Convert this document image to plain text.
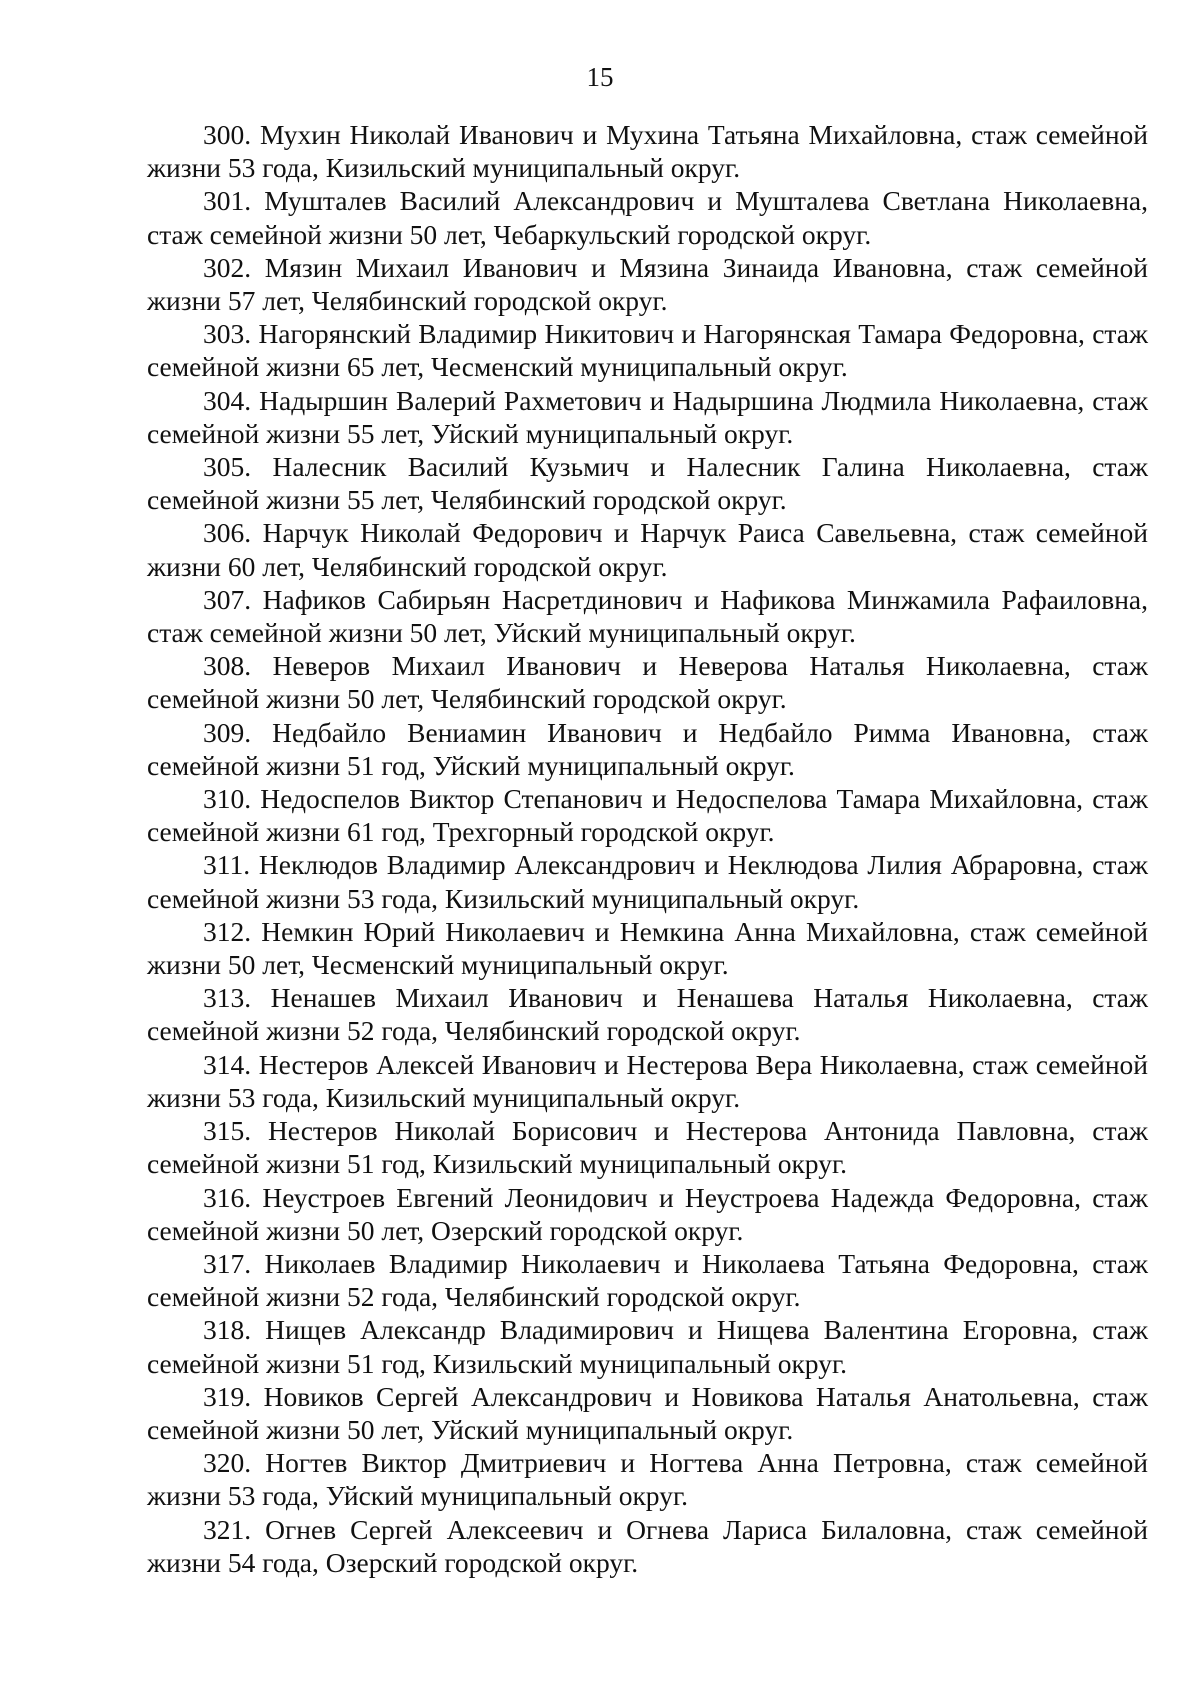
15

300. Мухин Николай Иванович и Мухина Татьяна Михайловна, стаж семейной жизни 53 года, Кизильский муниципальный округ.

301. Мушталев Василий Александрович и Мушталева Светлана Николаевна, стаж семейной жизни 50 лет, Чебаркульский городской округ.

302. Мязин Михаил Иванович и Мязина Зинаида Ивановна, стаж семейной жизни 57 лет, Челябинский городской округ.

303. Нагорянский Владимир Никитович и Нагорянская Тамара Федоровна, стаж семейной жизни 65 лет, Чесменский муниципальный округ.

304. Надыршин Валерий Рахметович и Надыршина Людмила Николаевна, стаж семейной жизни 55 лет, Уйский муниципальный округ.

305. Налесник Василий Кузьмич и Налесник Галина Николаевна, стаж семейной жизни 55 лет, Челябинский городской округ.

306. Нарчук Николай Федорович и Нарчук Раиса Савельевна, стаж семейной жизни 60 лет, Челябинский городской округ.

307. Нафиков Сабирьян Насретдинович и Нафикова Минжамила Рафаиловна, стаж семейной жизни 50 лет, Уйский муниципальный округ.

308. Неверов Михаил Иванович и Неверова Наталья Николаевна, стаж семейной жизни 50 лет, Челябинский городской округ.

309. Недбайло Вениамин Иванович и Недбайло Римма Ивановна, стаж семейной жизни 51 год, Уйский муниципальный округ.

310. Недоспелов Виктор Степанович и Недоспелова Тамара Михайловна, стаж семейной жизни 61 год, Трехгорный городской округ.

311. Неклюдов Владимир Александрович и Неклюдова Лилия Абраровна, стаж семейной жизни 53 года, Кизильский муниципальный округ.

312. Немкин Юрий Николаевич и Немкина Анна Михайловна, стаж семейной жизни 50 лет, Чесменский муниципальный округ.

313. Ненашев Михаил Иванович и Ненашева Наталья Николаевна, стаж семейной жизни 52 года, Челябинский городской округ.

314. Нестеров Алексей Иванович и Нестерова Вера Николаевна, стаж семейной жизни 53 года, Кизильский муниципальный округ.

315. Нестеров Николай Борисович и Нестерова Антонида Павловна, стаж семейной жизни 51 год, Кизильский муниципальный округ.

316. Неустроев Евгений Леонидович и Неустроева Надежда Федоровна, стаж семейной жизни 50 лет, Озерский городской округ.

317. Николаев Владимир Николаевич и Николаева Татьяна Федоровна, стаж семейной жизни 52 года, Челябинский городской округ.

318. Нищев Александр Владимирович и Нищева Валентина Егоровна, стаж семейной жизни 51 год, Кизильский муниципальный округ.

319. Новиков Сергей Александрович и Новикова Наталья Анатольевна, стаж семейной жизни 50 лет, Уйский муниципальный округ.

320. Ногтев Виктор Дмитриевич и Ногтева Анна Петровна, стаж семейной жизни 53 года, Уйский муниципальный округ.

321. Огнев Сергей Алексеевич и Огнева Лариса Билаловна, стаж семейной жизни 54 года, Озерский городской округ.
